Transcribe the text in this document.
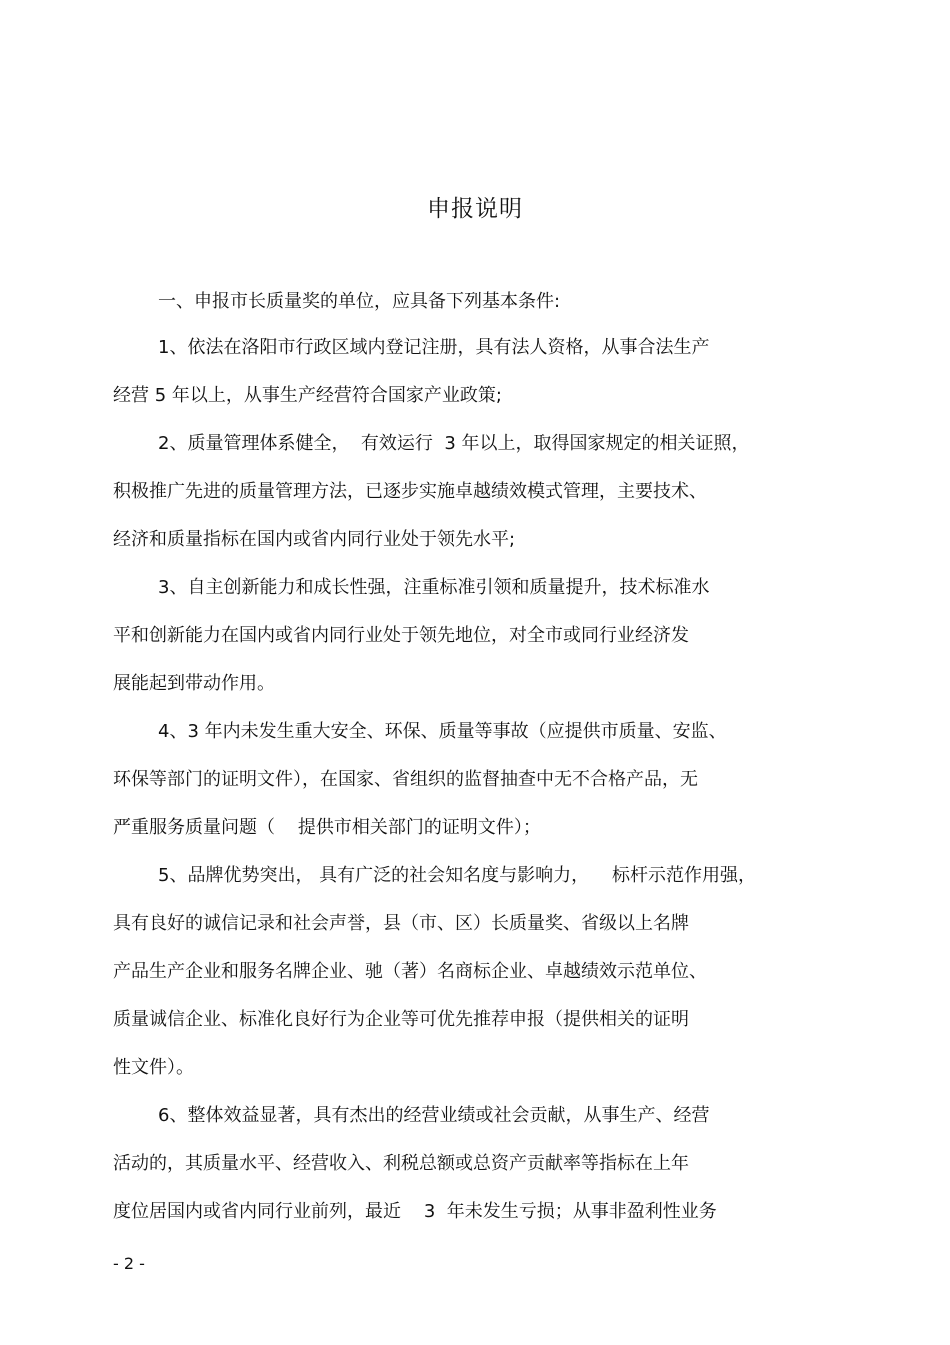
申报说明
一、申报市长质量奖的单位，应具备下列基本条件:
1、依法在洛阳市行政区域内登记注册，具有法人资格，从事合法生产
经营 5 年以上，从事生产经营符合国家产业政策;
2、质量管理体系健全，  有效运行  3 年以上，取得国家规定的相关证照，
积极推广先进的质量管理方法，已逐步实施卓越绩效模式管理，主要技术、
经济和质量指标在国内或省内同行业处于领先水平;
3、自主创新能力和成长性强，注重标准引领和质量提升，技术标准水
平和创新能力在国内或省内同行业处于领先地位，对全市或同行业经济发
展能起到带动作用。
4、3 年内未发生重大安全、环保、质量等事故（应提供市质量、安监、
环保等部门的证明文件），在国家、省组织的监督抽查中无不合格产品，无
严重服务质量问题（    提供市相关部门的证明文件）；
5、品牌优势突出， 具有广泛的社会知名度与影响力，    标杆示范作用强，
具有良好的诚信记录和社会声誉，县（市、区）长质量奖、省级以上名牌
产品生产企业和服务名牌企业、驰（著）名商标企业、卓越绩效示范单位、
质量诚信企业、标准化良好行为企业等可优先推荐申报（提供相关的证明
性文件）。
6、整体效益显著，具有杰出的经营业绩或社会贡献，从事生产、经营
活动的，其质量水平、经营收入、利税总额或总资产贡献率等指标在上年
度位居国内或省内同行业前列，最近    3  年未发生亏损；从事非盈利性业务
- 2 -
